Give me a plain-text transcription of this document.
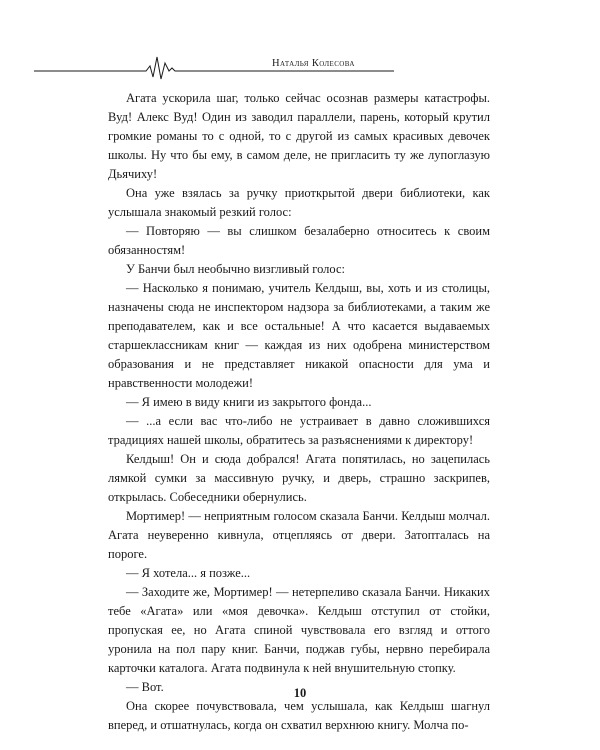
Наталья Колесова

Агата ускорила шаг, только сейчас осознав размеры катастрофы. Вуд! Алекс Вуд! Один из заводил параллели, парень, который крутил громкие романы то с одной, то с другой из самых красивых девочек школы. Ну что бы ему, в самом деле, не пригласить ту же лупоглазую Дьячиху!

Она уже взялась за ручку приоткрытой двери библиотеки, как услышала знакомый резкий голос:

— Повторяю — вы слишком безалаберно относитесь к своим обязанностям!

У Банчи был необычно визгливый голос:

— Насколько я понимаю, учитель Келдыш, вы, хоть и из столицы, назначены сюда не инспектором надзора за библиотеками, а таким же преподавателем, как и все остальные! А что касается выдаваемых старшеклассникам книг — каждая из них одобрена министерством образования и не представляет никакой опасности для ума и нравственности молодежи!

— Я имею в виду книги из закрытого фонда...

— ...а если вас что-либо не устраивает в давно сложившихся традициях нашей школы, обратитесь за разъяснениями к директору!

Келдыш! Он и сюда добрался! Агата попятилась, но зацепилась лямкой сумки за массивную ручку, и дверь, страшно заскрипев, открылась. Собеседники обернулись.

Мортимер! — неприятным голосом сказала Банчи. Келдыш молчал. Агата неуверенно кивнула, отцепляясь от двери. Затопталась на пороге.

— Я хотела... я позже...

— Заходите же, Мортимер! — нетерпеливо сказала Банчи. Никаких тебе «Агата» или «моя девочка». Келдыш отступил от стойки, пропуская ее, но Агата спиной чувствовала его взгляд и оттого уронила на пол пару книг. Банчи, поджав губы, нервно перебирала карточки каталога. Агата подвинула к ней внушительную стопку.

— Вот.

Она скорее почувствовала, чем услышала, как Келдыш шагнул вперед, и отшатнулась, когда он схватил верхнюю книгу. Молча по-

10
